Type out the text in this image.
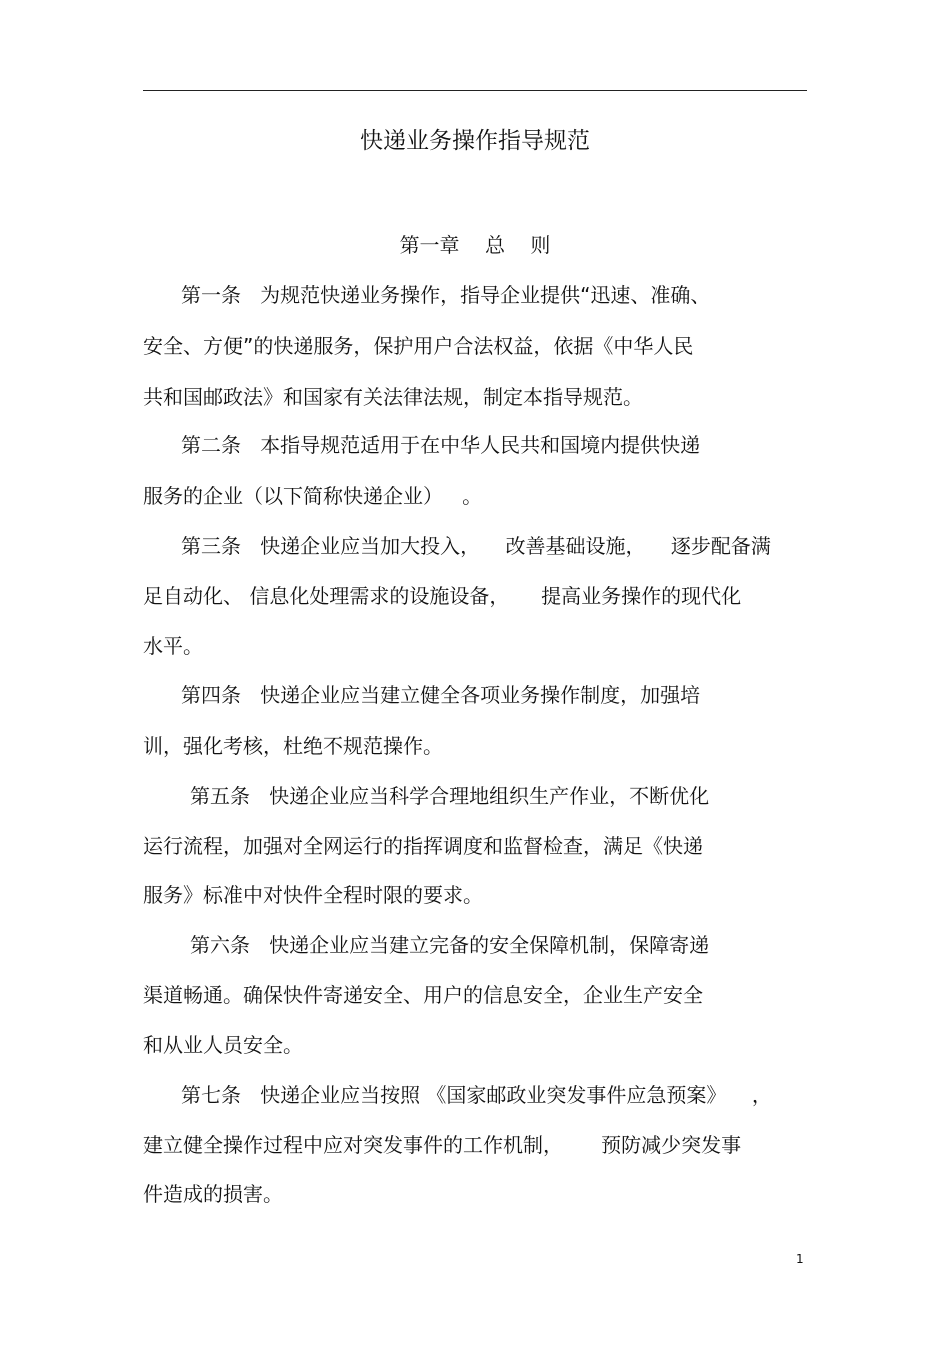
快递业务操作指导规范
第一章    总    则
第一条   为规范快递业务操作，指导企业提供“迅速、准确、
安全、方便”的快递服务，保护用户合法权益，依据《中华人民
共和国邮政法》和国家有关法律法规，制定本指导规范。
第二条   本指导规范适用于在中华人民共和国境内提供快递
服务的企业（以下简称快递企业）   。
第三条   快递企业应当加大投入，    改善基础设施，    逐步配备满
足自动化、 信息化处理需求的设施设备，     提高业务操作的现代化
水平。
第四条   快递企业应当建立健全各项业务操作制度，加强培
训，强化考核，杜绝不规范操作。
第五条   快递企业应当科学合理地组织生产作业，不断优化
运行流程，加强对全网运行的指挥调度和监督检查，满足《快递
服务》标准中对快件全程时限的要求。
第六条   快递企业应当建立完备的安全保障机制，保障寄递
渠道畅通。确保快件寄递安全、用户的信息安全，企业生产安全
和从业人员安全。
第七条   快递企业应当按照 《国家邮政业突发事件应急预案》    ，
建立健全操作过程中应对突发事件的工作机制，      预防减少突发事
件造成的损害。
1
